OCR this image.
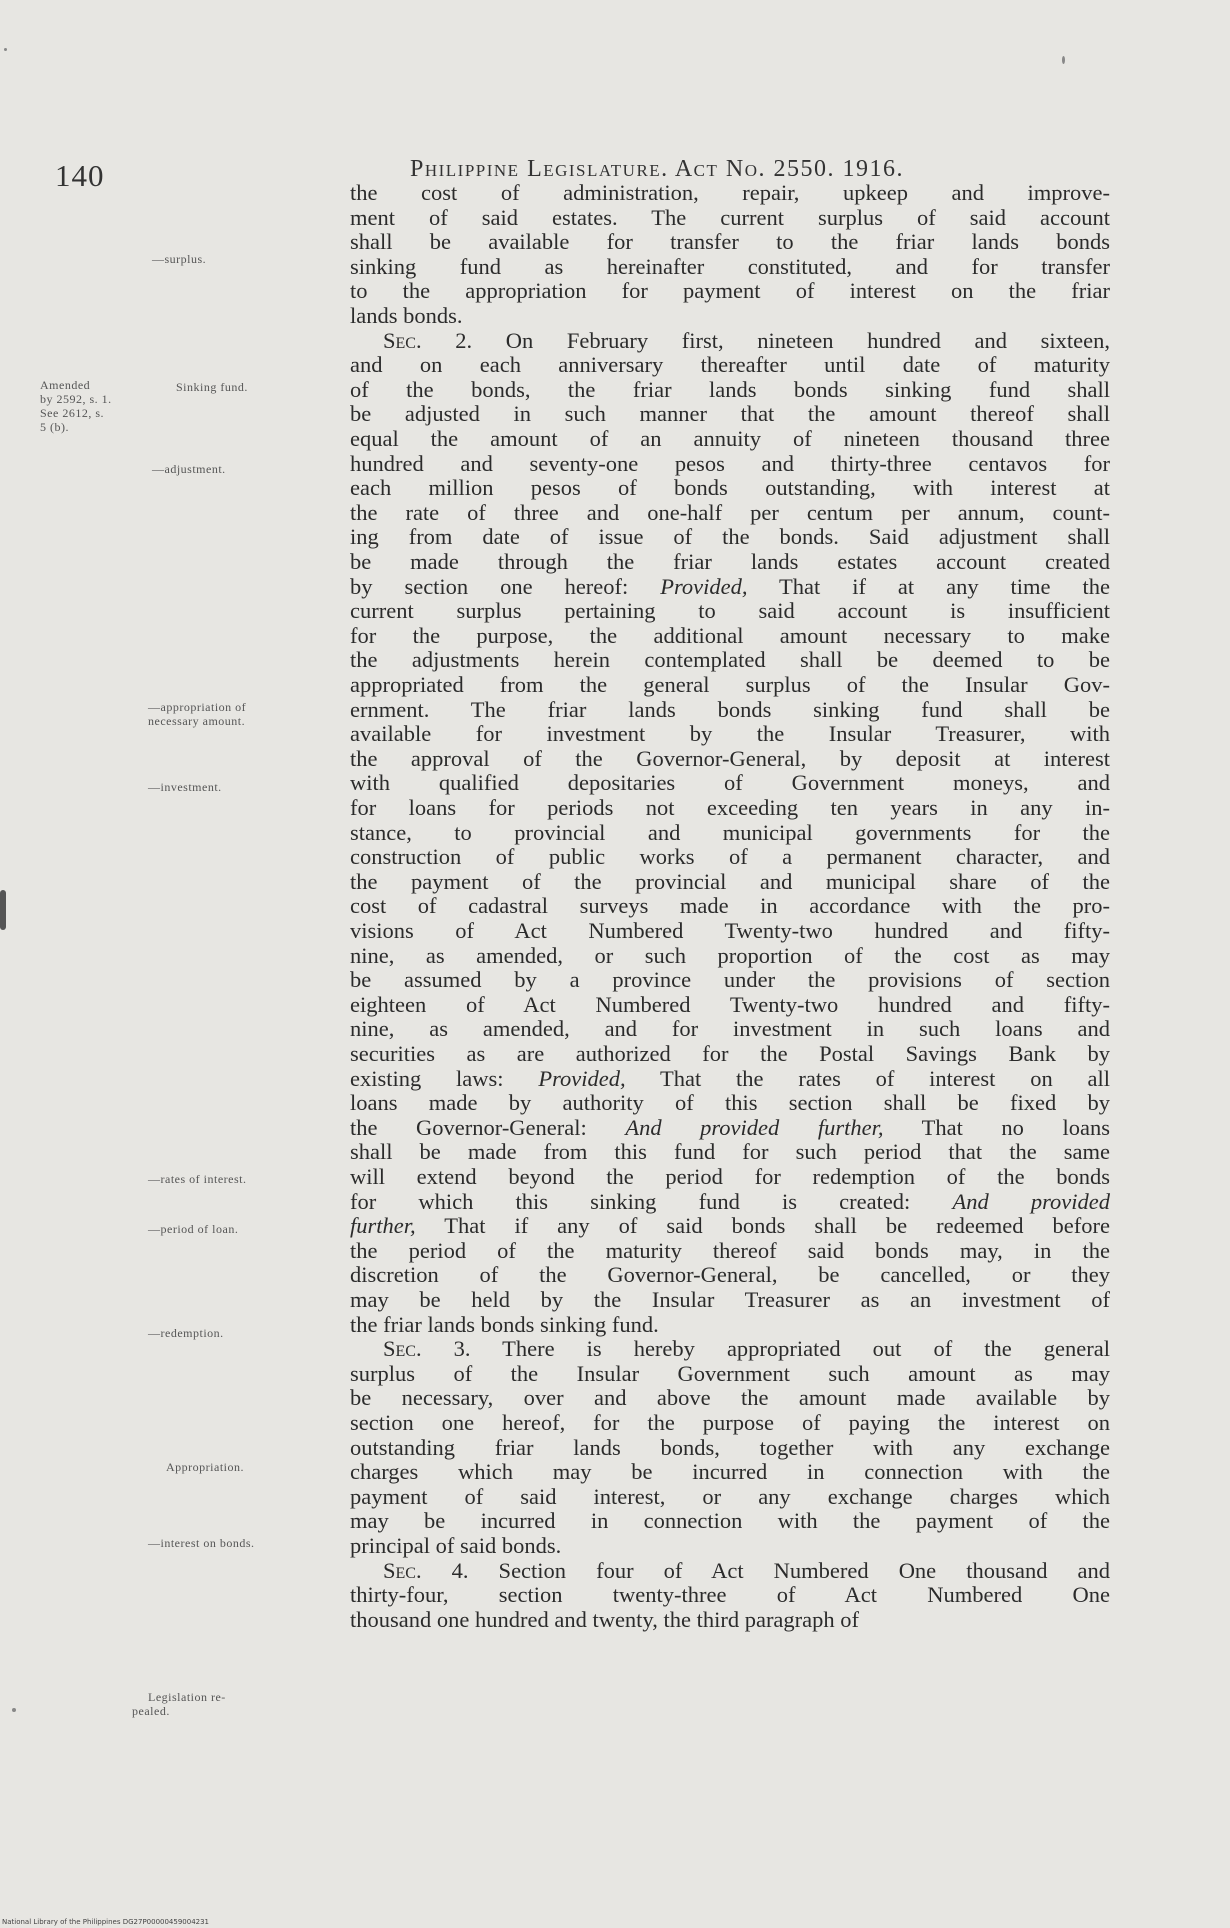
140	Philippine Legislature. Act No. 2550. 1916.
—surplus.
Amended
by 2592, s. 1.
See 2612, s.
5 (b).
Sinking fund.
—adjustment.
—appropriation of
necessary amount.
—investment.
—rates of interest.
—period of loan.
—redemption.
Appropriation.
—interest on bonds.
Legislation re-
pealed.
the cost of administration, repair, upkeep and improve-
ment of said estates. The current surplus of said account
shall be available for transfer to the friar lands bonds
sinking fund as hereinafter constituted, and for transfer
to the appropriation for payment of interest on the friar
lands bonds.
Sec. 2. On February first, nineteen hundred and sixteen,
and on each anniversary thereafter until date of maturity
of the bonds, the friar lands bonds sinking fund shall
be adjusted in such manner that the amount thereof shall
equal the amount of an annuity of nineteen thousand three
hundred and seventy-one pesos and thirty-three centavos for
each million pesos of bonds outstanding, with interest at
the rate of three and one-half per centum per annum, count-
ing from date of issue of the bonds. Said adjustment shall
be made through the friar lands estates account created
by section one hereof: Provided, That if at any time the
current surplus pertaining to said account is insufficient
for the purpose, the additional amount necessary to make
the adjustments herein contemplated shall be deemed to be
appropriated from the general surplus of the Insular Gov-
ernment. The friar lands bonds sinking fund shall be
available for investment by the Insular Treasurer, with
the approval of the Governor-General, by deposit at interest
with qualified depositaries of Government moneys, and
for loans for periods not exceeding ten years in any in-
stance, to provincial and municipal governments for the
construction of public works of a permanent character, and
the payment of the provincial and municipal share of the
cost of cadastral surveys made in accordance with the pro-
visions of Act Numbered Twenty-two hundred and fifty-
nine, as amended, or such proportion of the cost as may
be assumed by a province under the provisions of section
eighteen of Act Numbered Twenty-two hundred and fifty-
nine, as amended, and for investment in such loans and
securities as are authorized for the Postal Savings Bank by
existing laws: Provided, That the rates of interest on all
loans made by authority of this section shall be fixed by
the Governor-General: And provided further, That no loans
shall be made from this fund for such period that the same
will extend beyond the period for redemption of the bonds
for which this sinking fund is created: And provided
further, That if any of said bonds shall be redeemed before
the period of the maturity thereof said bonds may, in the
discretion of the Governor-General, be cancelled, or they
may be held by the Insular Treasurer as an investment of
the friar lands bonds sinking fund.
Sec. 3. There is hereby appropriated out of the general
surplus of the Insular Government such amount as may
be necessary, over and above the amount made available by
section one hereof, for the purpose of paying the interest on
outstanding friar lands bonds, together with any exchange
charges which may be incurred in connection with the
payment of said interest, or any exchange charges which
may be incurred in connection with the payment of the
principal of said bonds.
Sec. 4. Section four of Act Numbered One thousand and
thirty-four, section twenty-three of Act Numbered One
thousand one hundred and twenty, the third paragraph of
National Library of the Philippines DG27P00000459004231
